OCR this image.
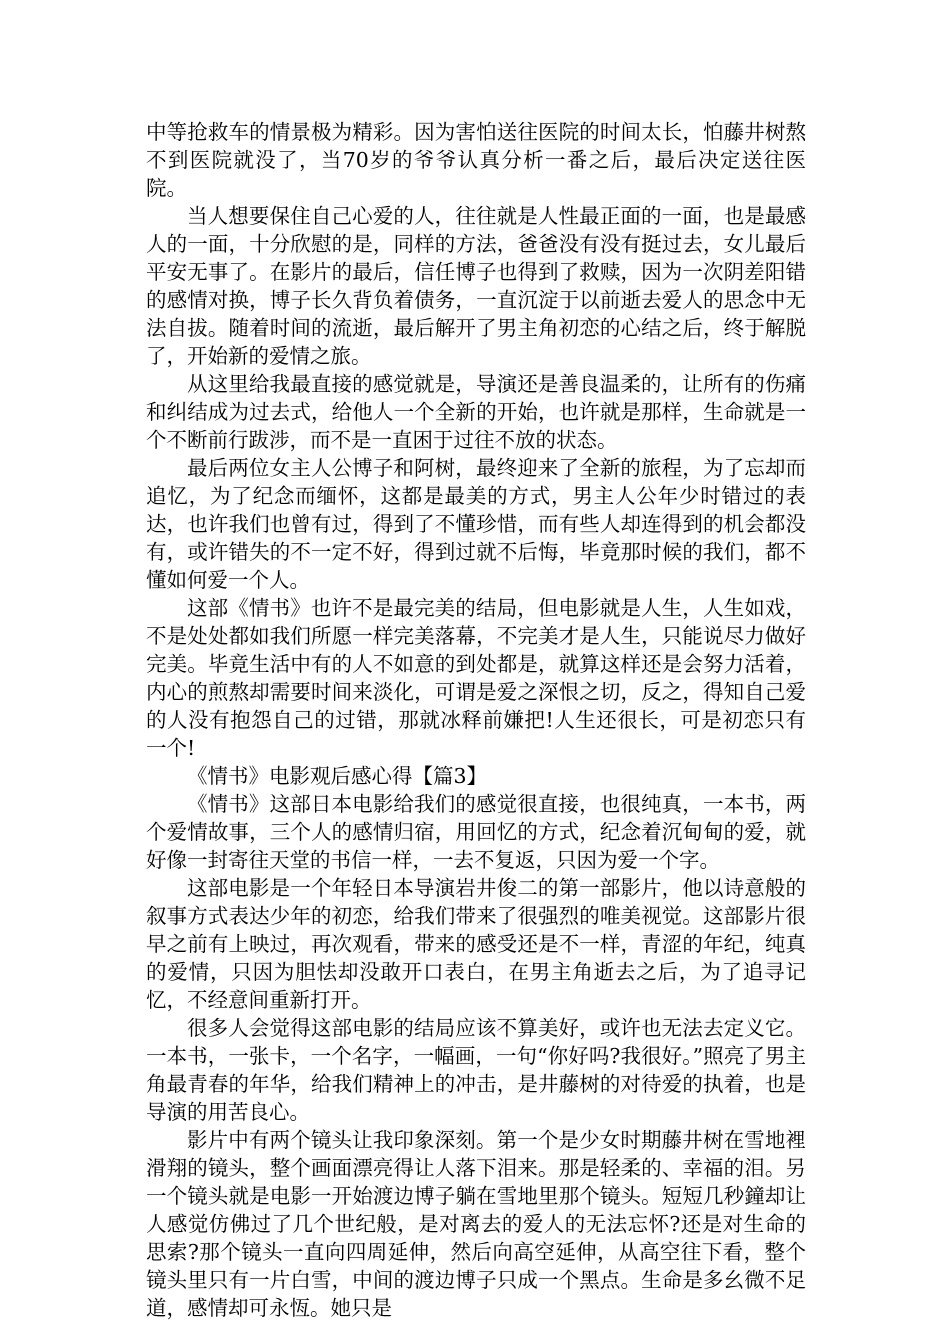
中等抢救车的情景极为精彩。因为害怕送往医院的时间太长，怕藤井树熬不到医院就没了，当70岁的爷爷认真分析一番之后，最后决定送往医院。

当人想要保住自己心爱的人，往往就是人性最正面的一面，也是最感人的一面，十分欣慰的是，同样的方法，爸爸没有没有挺过去，女儿最后平安无事了。在影片的最后，信任博子也得到了救赎，因为一次阴差阳错的感情对换，博子长久背负着债务，一直沉淀于以前逝去爱人的思念中无法自拔。随着时间的流逝，最后解开了男主角初恋的心结之后，终于解脱了，开始新的爱情之旅。

从这里给我最直接的感觉就是，导演还是善良温柔的，让所有的伤痛和纠结成为过去式，给他人一个全新的开始，也许就是那样，生命就是一个不断前行跋涉，而不是一直困于过往不放的状态。

最后两位女主人公博子和阿树，最终迎来了全新的旅程，为了忘却而追忆，为了纪念而缅怀，这都是最美的方式，男主人公年少时错过的表达，也许我们也曾有过，得到了不懂珍惜，而有些人却连得到的机会都没有，或许错失的不一定不好，得到过就不后悔，毕竟那时候的我们，都不懂如何爱一个人。

这部《情书》也许不是最完美的结局，但电影就是人生，人生如戏，不是处处都如我们所愿一样完美落幕，不完美才是人生，只能说尽力做好完美。毕竟生活中有的人不如意的到处都是，就算这样还是会努力活着，内心的煎熬却需要时间来淡化，可谓是爱之深恨之切，反之，得知自己爱的人没有抱怨自己的过错，那就冰释前嫌把!人生还很长，可是初恋只有一个!

《情书》电影观后感心得【篇3】

《情书》这部日本电影给我们的感觉很直接，也很纯真，一本书，两个爱情故事，三个人的感情归宿，用回忆的方式，纪念着沉甸甸的爱，就好像一封寄往天堂的书信一样，一去不复返，只因为爱一个字。

这部电影是一个年轻日本导演岩井俊二的第一部影片，他以诗意般的叙事方式表达少年的初恋，给我们带来了很强烈的唯美视觉。这部影片很早之前有上映过，再次观看，带来的感受还是不一样，青涩的年纪，纯真的爱情，只因为胆怯却没敢开口表白，在男主角逝去之后，为了追寻记忆，不经意间重新打开。

很多人会觉得这部电影的结局应该不算美好，或许也无法去定义它。一本书，一张卡，一个名字，一幅画，一句“你好吗?我很好。”照亮了男主角最青春的年华，给我们精神上的冲击，是井藤树的对待爱的执着，也是导演的用苦良心。

影片中有两个镜头让我印象深刻。第一个是少女时期藤井树在雪地裡滑翔的镜头，整个画面漂亮得让人落下泪来。那是轻柔的、幸福的泪。另一个镜头就是电影一开始渡边博子躺在雪地里那个镜头。短短几秒鐘却让人感觉仿佛过了几个世纪般，是对离去的爱人的无法忘怀?还是对生命的思索?那个镜头一直向四周延伸，然后向高空延伸，从高空往下看，整个镜头里只有一片白雪，中间的渡边博子只成一个黑点。生命是多幺微不足道，感情却可永恆。她只是
